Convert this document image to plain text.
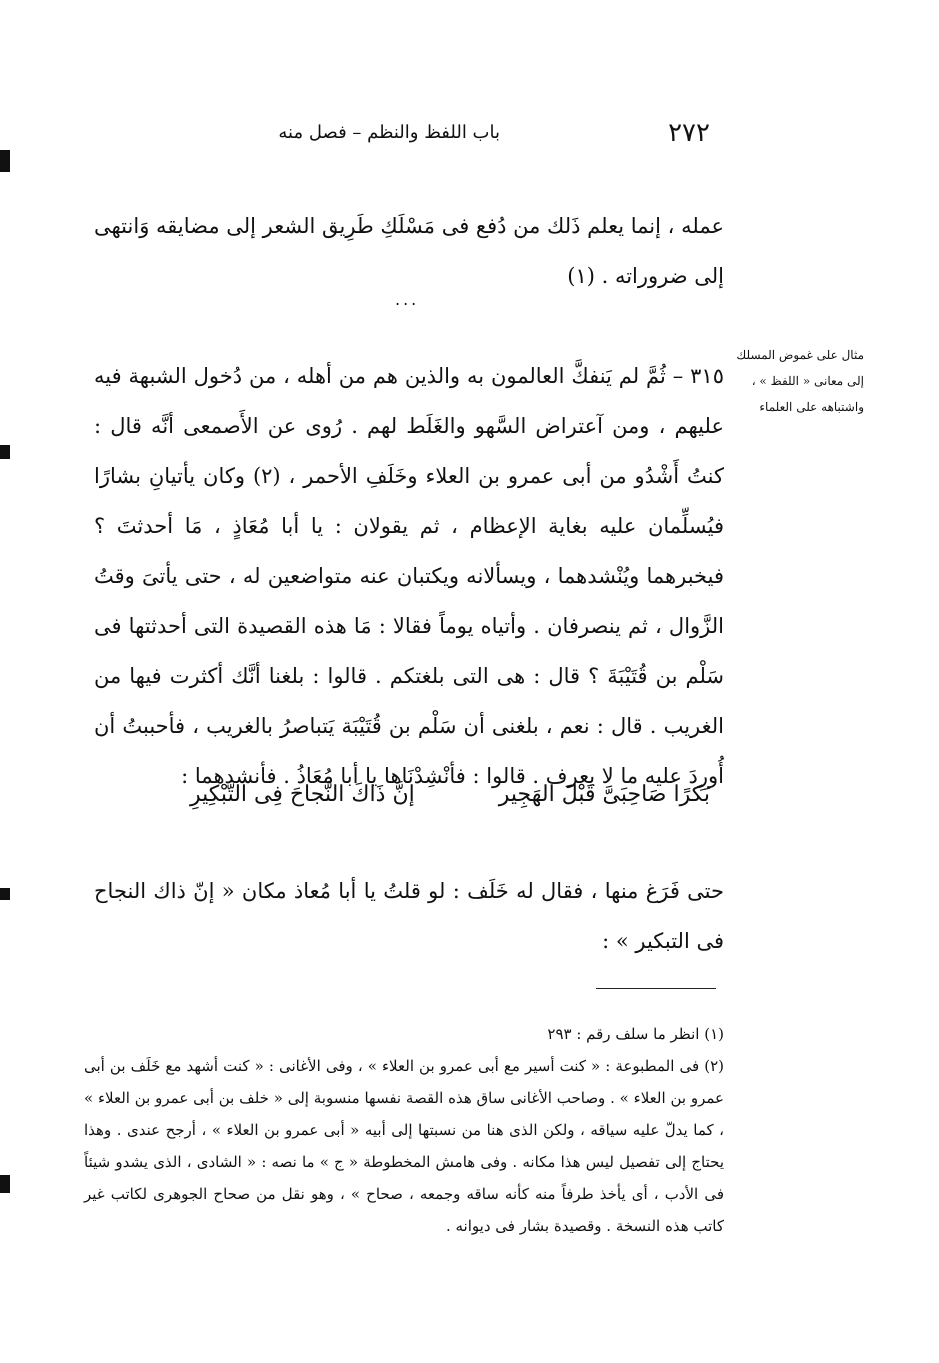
٢٧٢
باب اللفظ والنظم – فصل منه

عمله ، إنما يعلم ذَلك من دُفع فى مَسْلَكِ طَرِيق الشعر إلى مضايقه وَانتهى إلى ضروراته . (١)

...

٣١٥ – ثُمَّ لم يَنفكَّ العالمون به والذين هم من أهله ، من دُخول الشبهة فيه عليهم ، ومن آعتراض السَّهو والغَلَط لهم . رُوى عن الأَصمعى أنَّه قال : كنتُ أَشْدُو من أبى عمرو بن العلاء وخَلَفِ الأحمر ، (٢) وكان يأتيانِ بشارًا فيُسلِّمان عليه بغاية الإعظام ، ثم يقولان : يا أبا مُعَاذٍ ، مَا أحدثتَ ؟ فيخبرهما ويُنْشدهما ، ويسألانه ويكتبان عنه متواضعين له ، حتى يأتىَ وقتُ الزَّوال ، ثم ينصرفان . وأتياه يوماً فقالا : مَا هذه القصيدة التى أحدثتها فى سَلْم بن قُتَيْبَةَ ؟ قال : هى التى بلغتكم . قالوا : بلغنا أنَّك أكثرت فيها من الغريب . قال : نعم ، بلغنى أن سَلْم بن قُتَيْبَة يَتباصرُ بالغريب ، فأحببتُ أن أُورِدَ عليه ما لا يعرف . قالوا : فأنْشِدْنَاها يا أبا مُعَاذُ . فأنشدهما :

مثال على غموض المسلك إلى معانى « اللفظ » ، واشتباهه على العلماء
بَكرًا صَاحِبَىَّ قَبْلَ الهَجِير
إنَّ ذَاكَ النَّجاحَ فِى التَّبْكِيرِ

حتى فَرَغ منها ، فقال له خَلَف : لو قلتُ يا أبا مُعاذ مكان « إنّ ذاك النجاح فى التبكير » :

(١) انظر ما سلف رقم : ٢٩٣

(٢) فى المطبوعة : « كنت أسير مع أبى عمرو بن العلاء » ، وفى الأغانى : « كنت أشهد مع خَلَف بن أبى عمرو بن العلاء » . وصاحب الأغانى ساق هذه القصة نفسها منسوبة إلى « خلف بن أبى عمرو بن العلاء » ، كما يدلّ عليه سياقه ، ولكن الذى هنا من نسبتها إلى أبيه « أبى عمرو بن العلاء » ، أرجح عندى . وهذا يحتاج إلى تفصيل ليس هذا مكانه . وفى هامش المخطوطة « ج » ما نصه : « الشادى ، الذى يشدو شيئاً فى الأدب ، أى يأخذ طرفاً منه كأنه ساقه وجمعه ، صحاح » ، وهو نقل من صحاح الجوهرى لكاتب غير كاتب هذه النسخة . وقصيدة بشار فى ديوانه .
